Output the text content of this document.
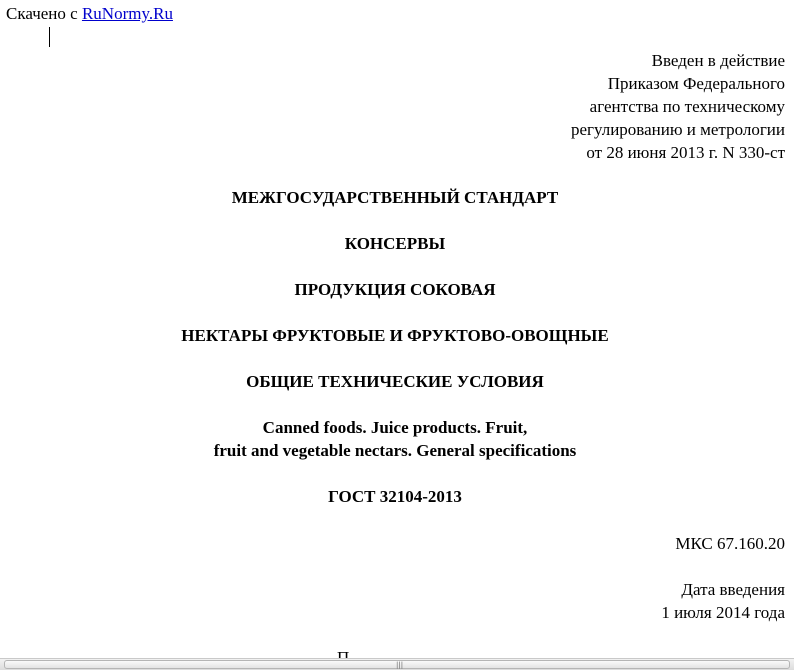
Скачено с RuNormy.Ru
Введен в действие
Приказом Федерального
агентства по техническому
регулированию и метрологии
от 28 июня 2013 г. N 330-ст
МЕЖГОСУДАРСТВЕННЫЙ СТАНДАРТ
КОНСЕРВЫ
ПРОДУКЦИЯ СОКОВАЯ
НЕКТАРЫ ФРУКТОВЫЕ И ФРУКТОВО-ОВОЩНЫЕ
ОБЩИЕ ТЕХНИЧЕСКИЕ УСЛОВИЯ
Canned foods. Juice products. Fruit,
fruit and vegetable nectars. General specifications
ГОСТ 32104-2013
МКС 67.160.20
Дата введения
1 июля 2014 года
|||
